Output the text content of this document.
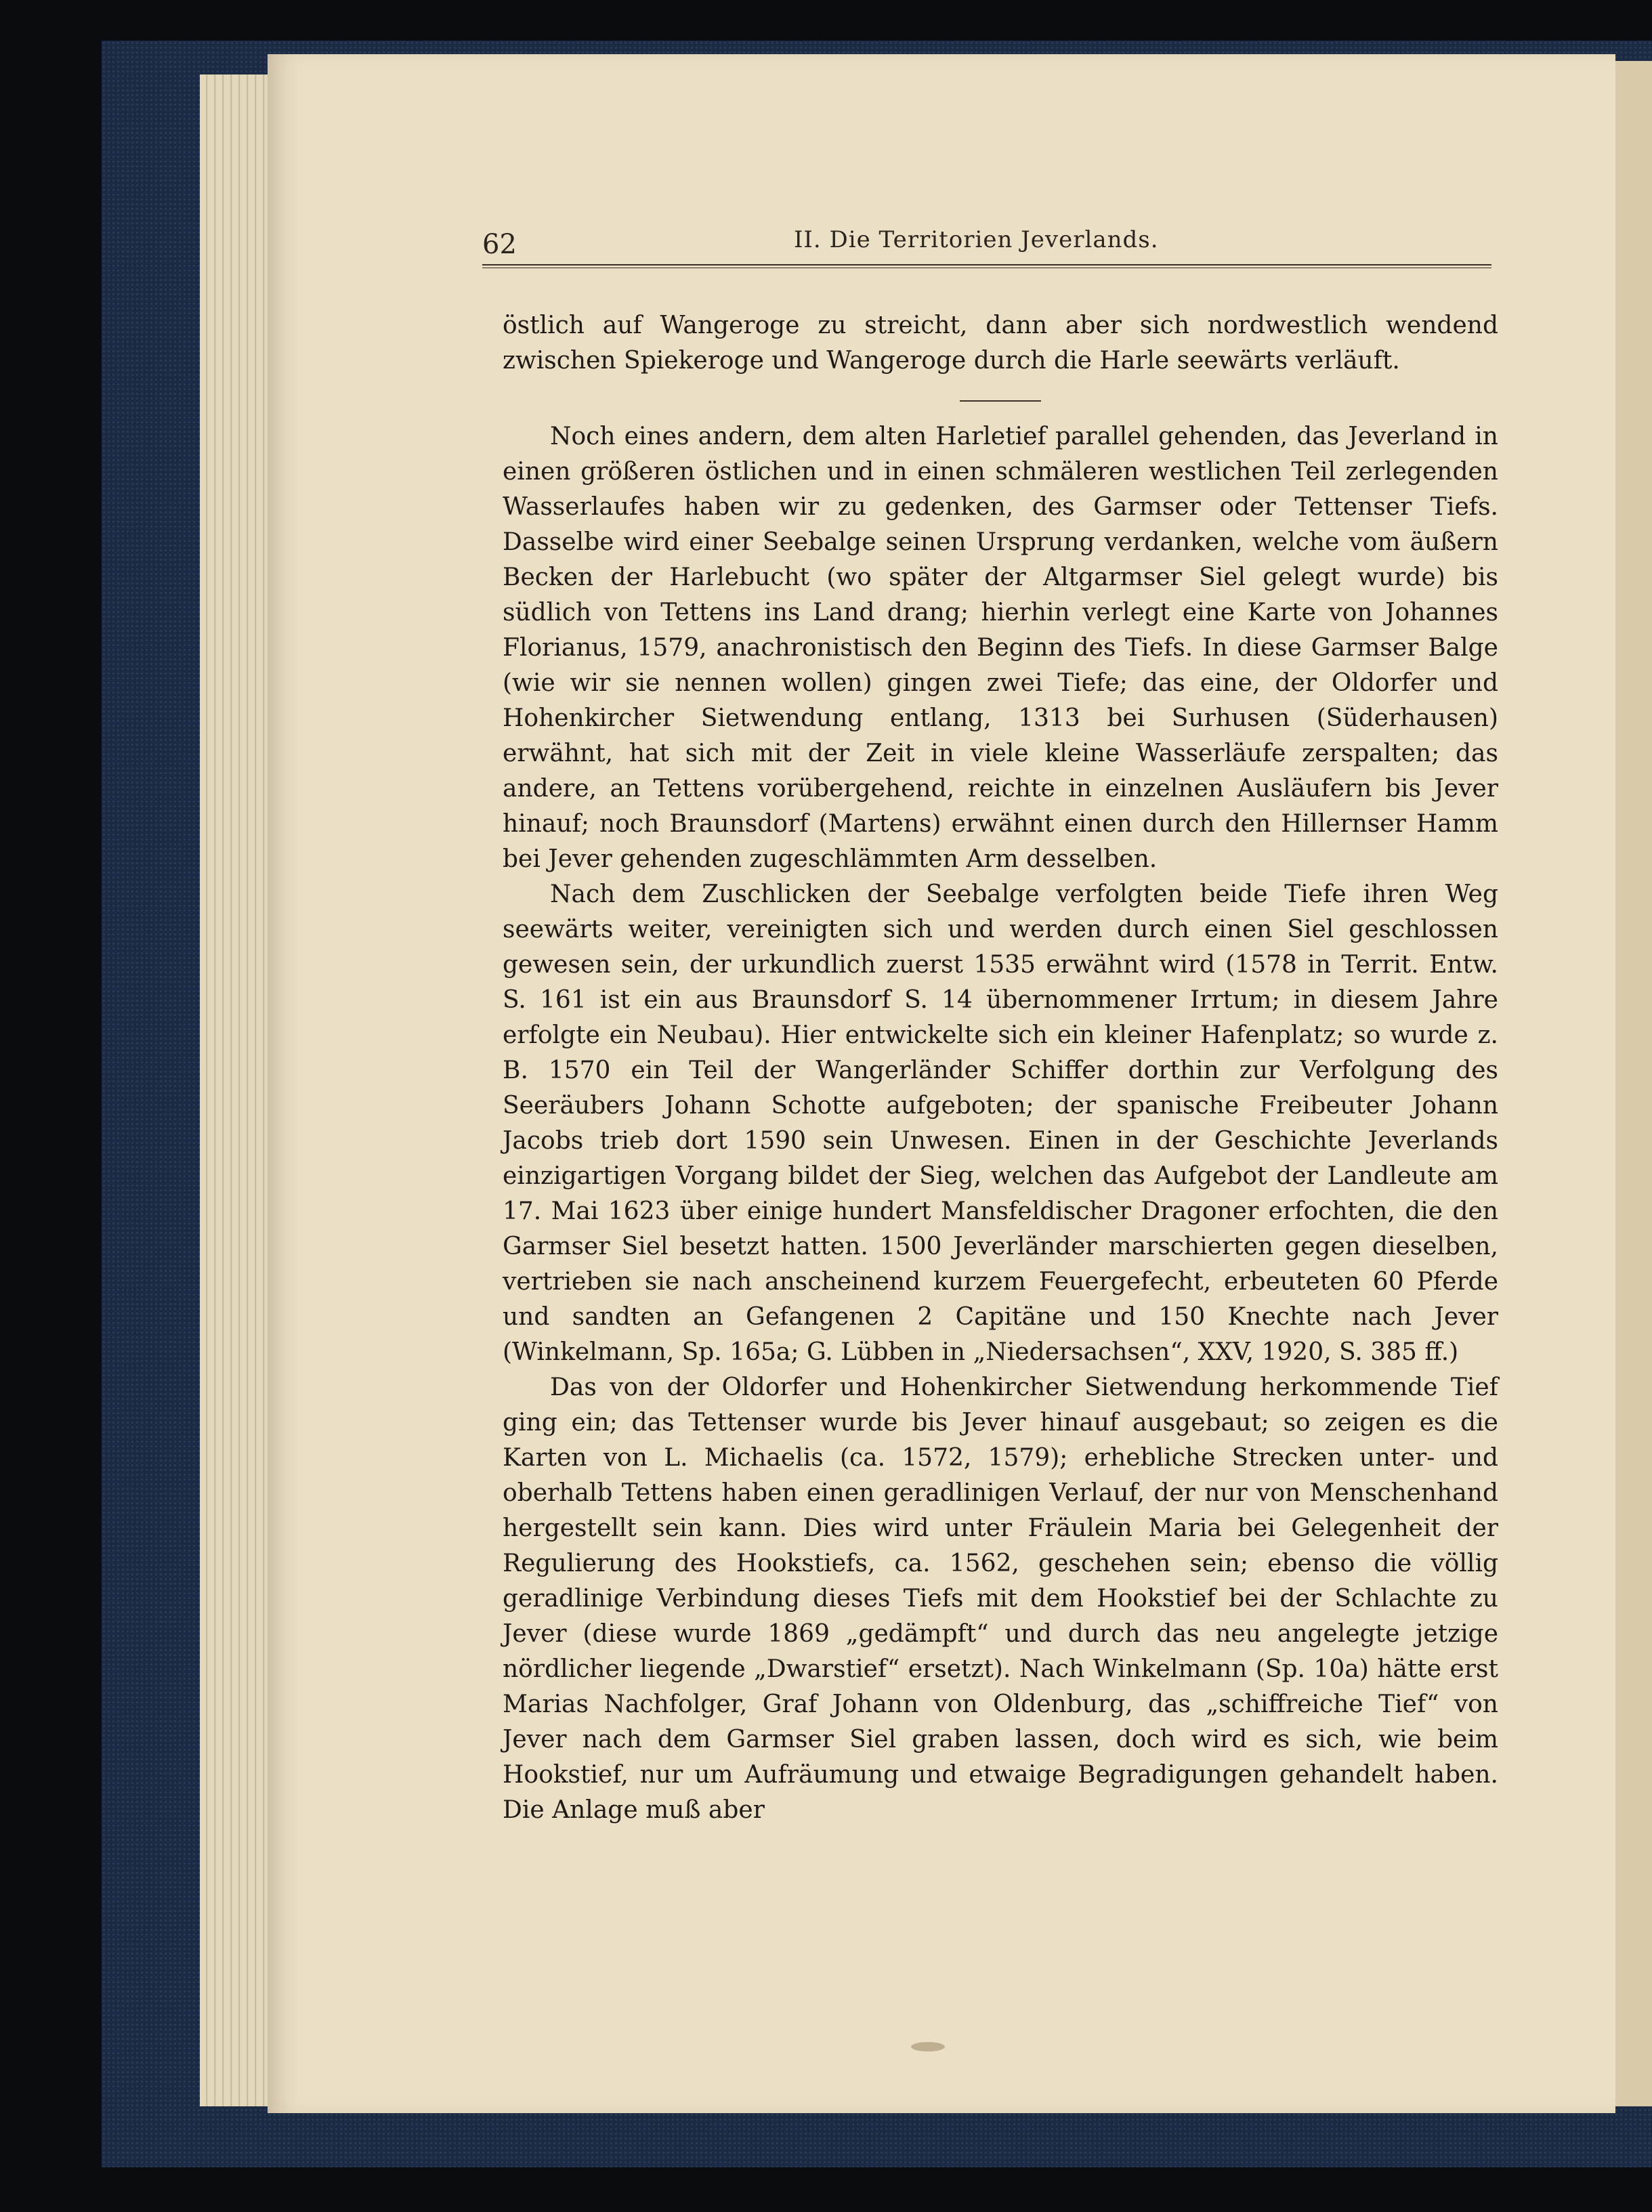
62	II. Die Territorien Jeverlands.

östlich auf Wangeroge zu streicht, dann aber sich nordwestlich wendend zwischen Spiekeroge und Wangeroge durch die Harle seewärts verläuft.

Noch eines andern, dem alten Harletief parallel gehenden, das Jeverland in einen größeren östlichen und in einen schmäleren westlichen Teil zerlegenden Wasserlaufes haben wir zu gedenken, des Garmser oder Tettenser Tiefs. Dasselbe wird einer Seebalge seinen Ursprung verdanken, welche vom äußern Becken der Harlebucht (wo später der Altgarmser Siel gelegt wurde) bis südlich von Tettens ins Land drang; hierhin verlegt eine Karte von Johannes Florianus, 1579, anachronistisch den Beginn des Tiefs. In diese Garmser Balge (wie wir sie nennen wollen) gingen zwei Tiefe; das eine, der Oldorfer und Hohenkircher Sietwendung entlang, 1313 bei Surhusen (Süderhausen) erwähnt, hat sich mit der Zeit in viele kleine Wasserläufe zerspalten; das andere, an Tettens vorübergehend, reichte in einzelnen Ausläufern bis Jever hinauf; noch Braunsdorf (Martens) erwähnt einen durch den Hillernser Hamm bei Jever gehenden zugeschlämmten Arm desselben.

Nach dem Zuschlicken der Seebalge verfolgten beide Tiefe ihren Weg seewärts weiter, vereinigten sich und werden durch einen Siel geschlossen gewesen sein, der urkundlich zuerst 1535 erwähnt wird (1578 in Territ. Entw. S. 161 ist ein aus Braunsdorf S. 14 übernommener Irrtum; in diesem Jahre erfolgte ein Neubau). Hier entwickelte sich ein kleiner Hafenplatz; so wurde z. B. 1570 ein Teil der Wangerländer Schiffer dorthin zur Verfolgung des Seeräubers Johann Schotte aufgeboten; der spanische Freibeuter Johann Jacobs trieb dort 1590 sein Unwesen. Einen in der Geschichte Jeverlands einzigartigen Vorgang bildet der Sieg, welchen das Aufgebot der Landleute am 17. Mai 1623 über einige hundert Mansfeldischer Dragoner erfochten, die den Garmser Siel besetzt hatten. 1500 Jeverländer marschierten gegen dieselben, vertrieben sie nach anscheinend kurzem Feuergefecht, erbeuteten 60 Pferde und sandten an Gefangenen 2 Capitäne und 150 Knechte nach Jever (Winkelmann, Sp. 165a; G. Lübben in „Niedersachsen“, XXV, 1920, S. 385 ff.)

Das von der Oldorfer und Hohenkircher Sietwendung herkommende Tief ging ein; das Tettenser wurde bis Jever hinauf ausgebaut; so zeigen es die Karten von L. Michaelis (ca. 1572, 1579); erhebliche Strecken unter- und oberhalb Tettens haben einen geradlinigen Verlauf, der nur von Menschenhand hergestellt sein kann. Dies wird unter Fräulein Maria bei Gelegenheit der Regulierung des Hookstiefs, ca. 1562, geschehen sein; ebenso die völlig geradlinige Verbindung dieses Tiefs mit dem Hookstief bei der Schlachte zu Jever (diese wurde 1869 „gedämpft“ und durch das neu angelegte jetzige nördlicher liegende „Dwarstief“ ersetzt). Nach Winkelmann (Sp. 10a) hätte erst Marias Nachfolger, Graf Johann von Oldenburg, das „schiffreiche Tief“ von Jever nach dem Garmser Siel graben lassen, doch wird es sich, wie beim Hookstief, nur um Aufräumung und etwaige Begradigungen gehandelt haben. Die Anlage muß aber
